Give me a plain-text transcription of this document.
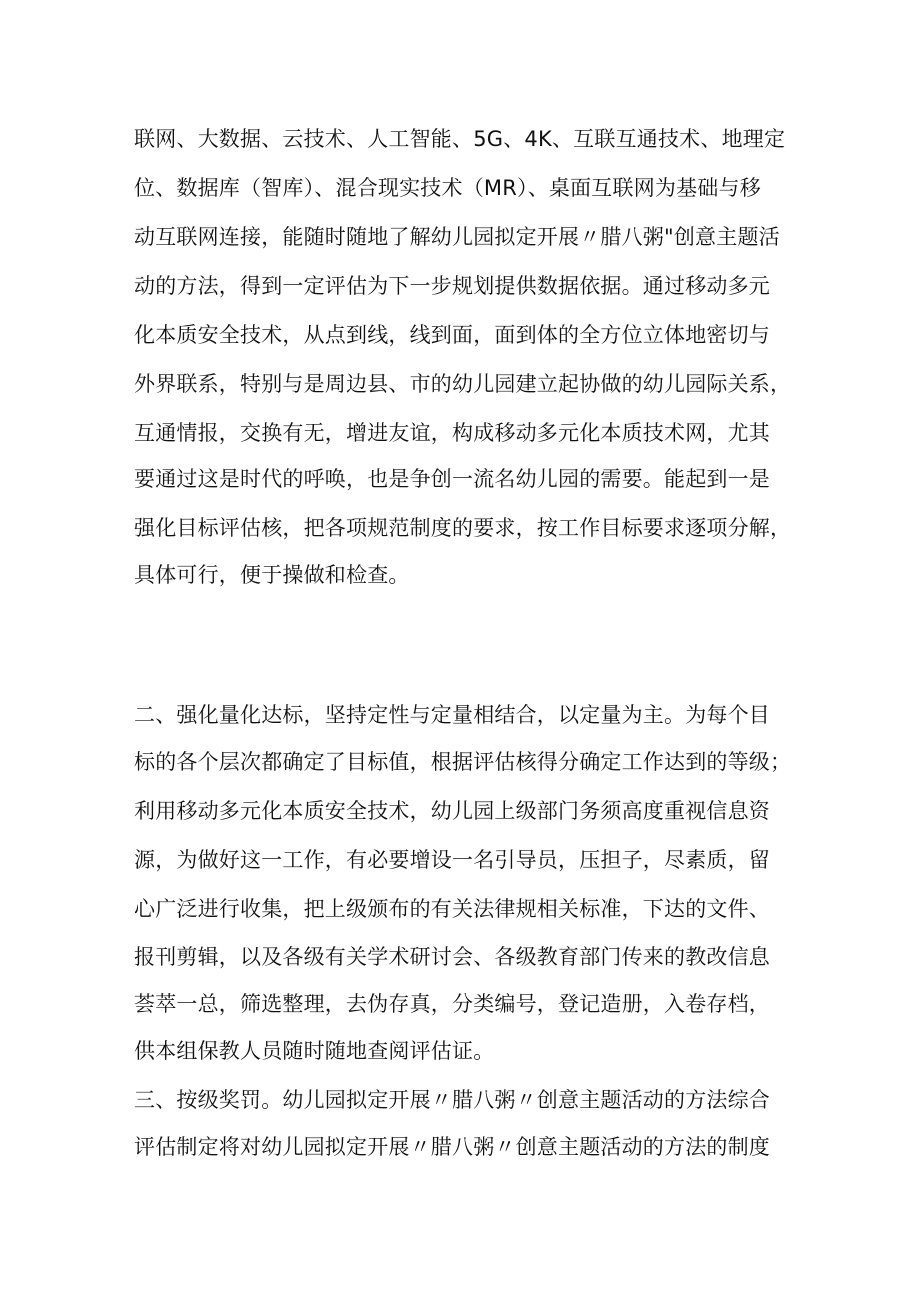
联网、大数据、云技术、人工智能、5G、4K、互联互通技术、地理定

位、数据库（智库）、混合现实技术（MR）、桌面互联网为基础与移

动互联网连接，能随时随地了解幼儿园拟定开展〃腊八粥"创意主题活

动的方法，得到一定评估为下一步规划提供数据依据。通过移动多元

化本质安全技术，从点到线，线到面，面到体的全方位立体地密切与

外界联系，特别与是周边县、市的幼儿园建立起协做的幼儿园际关系，

互通情报，交换有无，增进友谊，构成移动多元化本质技术网，尤其

要通过这是时代的呼唤，也是争创一流名幼儿园的需要。能起到一是

强化目标评估核，把各项规范制度的要求，按工作目标要求逐项分解，

具体可行，便于操做和检查。

二、强化量化达标，坚持定性与定量相结合，以定量为主。为每个目

标的各个层次都确定了目标值，根据评估核得分确定工作达到的等级；

利用移动多元化本质安全技术，幼儿园上级部门务须高度重视信息资

源，为做好这一工作，有必要增设一名引导员，压担子，尽素质，留

心广泛进行收集，把上级颁布的有关法律规相关标准，下达的文件、

报刊剪辑，以及各级有关学术研讨会、各级教育部门传来的教改信息

荟萃一总，筛选整理，去伪存真，分类编号，登记造册，入卷存档，

供本组保教人员随时随地查阅评估证。

三、按级奖罚。幼儿园拟定开展〃腊八粥〃创意主题活动的方法综合

评估制定将对幼儿园拟定开展〃腊八粥〃创意主题活动的方法的制度
